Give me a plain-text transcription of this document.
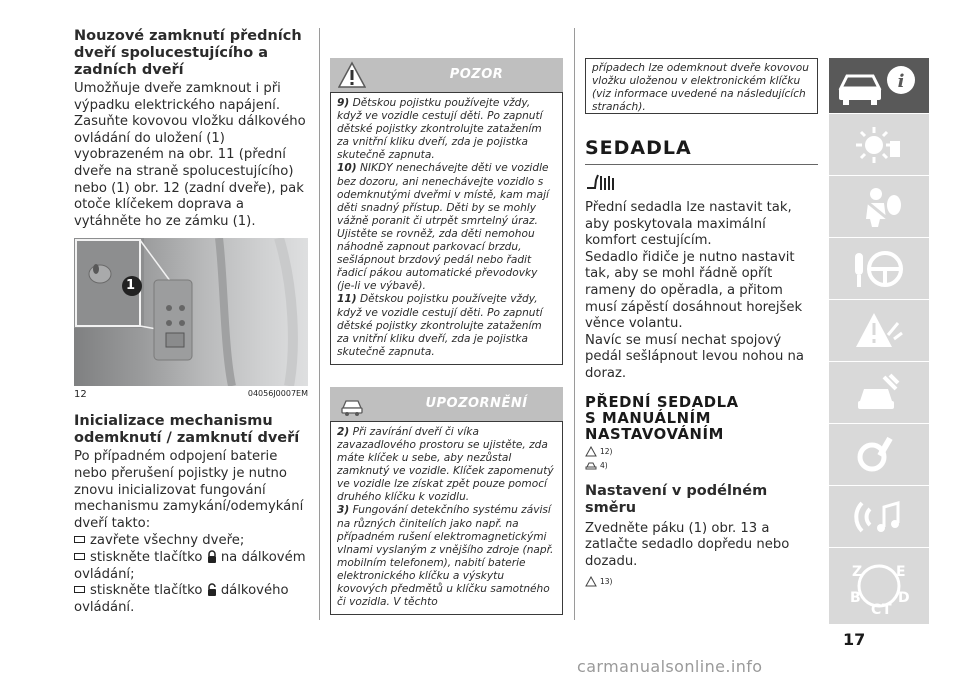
Nouzové zamknutí předních dveří spolucestujícího a zadních dveří
Umožňuje dveře zamknout i při výpadku elektrického napájení.
Zasuňte kovovou vložku dálkového ovládání do uložení (1) vyobrazeném na obr. 11 (přední dveře na straně spolucestujícího) nebo (1) obr. 12 (zadní dveře), pak otoče klíčekem doprava a vytáhněte ho ze zámku (1).
1
12	04056J0007EM
Inicializace mechanismu odemknutí / zamknutí dveří
Po případném odpojení baterie nebo přerušení pojistky je nutno znovu inicializovat fungování mechanismu zamykání/odemykání dveří takto:
zavřete všechny dveře;
stiskněte tlačítko na dálkovém ovládání;
stiskněte tlačítko dálkového ovládání.
POZOR

9) Dětskou pojistku používejte vždy, když ve vozidle cestují děti. Po zapnutí dětské pojistky zkontrolujte zatažením za vnitřní kliku dveří, zda je pojistka skutečně zapnuta.

10) NIKDY nenechávejte děti ve vozidle bez dozoru, ani nenechávejte vozidlo s odemknutými dveřmi v místě, kam mají děti snadný přístup. Děti by se mohly vážně poranit či utrpět smrtelný úraz. Ujistěte se rovněž, zda děti nemohou náhodně zapnout parkovací brzdu, sešlápnout brzdový pedál nebo řadit řadicí pákou automatické převodovky (je-li ve výbavě).

11) Dětskou pojistku používejte vždy, když ve vozidle cestují děti. Po zapnutí dětské pojistky zkontrolujte zatažením za vnitřní kliku dveří, zda je pojistka skutečně zapnuta.

UPOZORNĚNÍ

2) Při zavírání dveří či víka zavazadlového prostoru se ujistěte, zda máte klíček u sebe, aby nezůstal zamknutý ve vozidle. Klíček zapomenutý ve vozidle lze získat zpět pouze pomocí druhého klíčku k vozidlu.

3) Fungování detekčního systému závisí na různých činitelích jako např. na případném rušení elektromagnetickými vlnami vyslaným z vnějšího zdroje (např. mobilním telefonem), nabití baterie elektronického klíčku a výskytu kovových předmětů u klíčku samotného či vozidla. V těchto

případech lze odemknout dveře kovovou vložku uloženou v elektronickém klíčku (viz informace uvedené na následujících stranách).
SEDADLA
Přední sedadla lze nastavit tak, aby poskytovala maximální komfort cestujícím.
Sedadlo řidiče je nutno nastavit tak, aby se mohl řádně opřít rameny do opěradla, a přitom musí zápěstí dosáhnout horejšek věnce volantu.
Navíc se musí nechat spojový pedál sešlápnout levou nohou na doraz.
PŘEDNÍ SEDADLA
S MANUÁLNÍM
NASTAVOVÁNÍM
12)
4)
Nastavení v podélném směru
Zvedněte páku (1) obr. 13 a zatlačte sedadlo dopředu nebo dozadu.
13)
i
Z E
B	D
C T
17
carmanualsonline.info
